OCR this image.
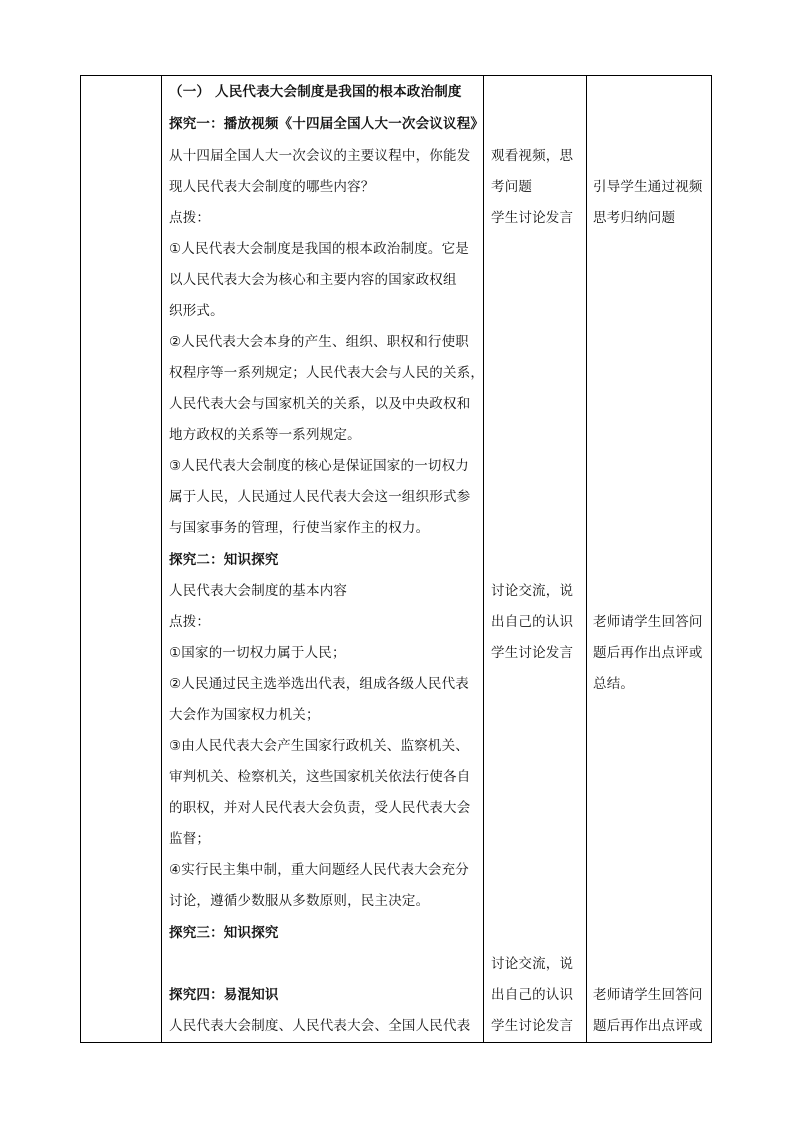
（一） 人民代表大会制度是我国的根本政治制度
探究一：播放视频《十四届全国人大一次会议议程》
从十四届全国人大一次会议的主要议程中，你能发
现人民代表大会制度的哪些内容？
点拨：
①人民代表大会制度是我国的根本政治制度。它是
以人民代表大会为核心和主要内容的国家政权组
织形式。
②人民代表大会本身的产生、组织、职权和行使职
权程序等一系列规定；人民代表大会与人民的关系，
人民代表大会与国家机关的关系，以及中央政权和
地方政权的关系等一系列规定。
③人民代表大会制度的核心是保证国家的一切权力
属于人民，人民通过人民代表大会这一组织形式参
与国家事务的管理，行使当家作主的权力。
探究二：知识探究
人民代表大会制度的基本内容
点拨：
①国家的一切权力属于人民；
②人民通过民主选举选出代表，组成各级人民代表
大会作为国家权力机关；
③由人民代表大会产生国家行政机关、监察机关、
审判机关、检察机关，这些国家机关依法行使各自
的职权，并对人民代表大会负责，受人民代表大会
监督；
④实行民主集中制，重大问题经人民代表大会充分
讨论，遵循少数服从多数原则，民主决定。
探究三：知识探究
探究四：易混知识
人民代表大会制度、人民代表大会、全国人民代表
观看视频，思
考问题
学生讨论发言
讨论交流，说
出自己的认识
学生讨论发言
讨论交流，说
出自己的认识
学生讨论发言
引导学生通过视频
思考归纳问题
老师请学生回答问
题后再作出点评或
总结。
老师请学生回答问
题后再作出点评或
